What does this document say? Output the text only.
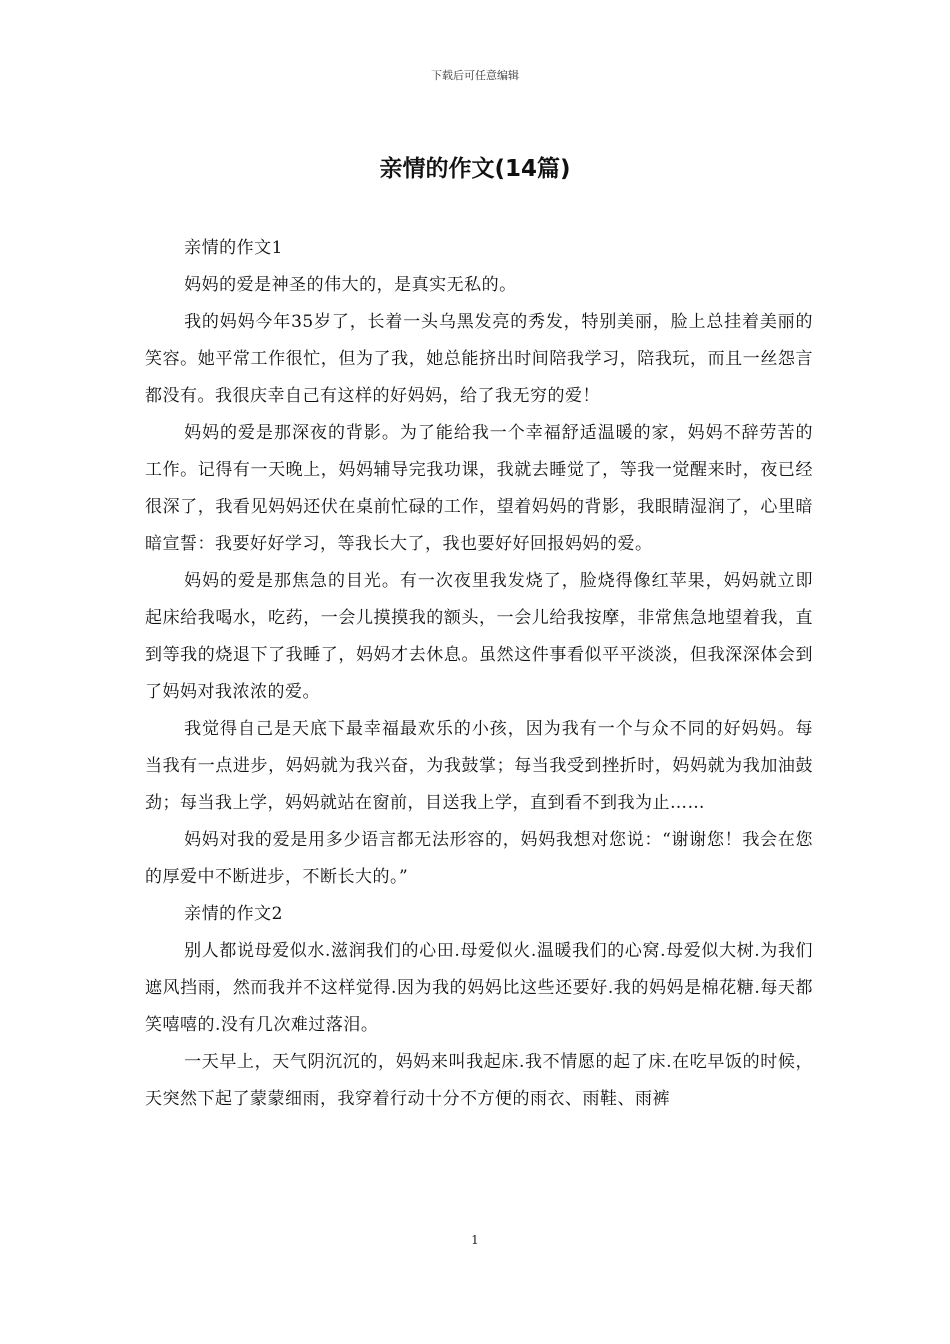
下载后可任意编辑
亲情的作文(14篇)

亲情的作文1

妈妈的爱是神圣的伟大的，是真实无私的。

我的妈妈今年35岁了，长着一头乌黑发亮的秀发，特别美丽，脸上总挂着美丽的笑容。她平常工作很忙，但为了我，她总能挤出时间陪我学习，陪我玩，而且一丝怨言都没有。我很庆幸自己有这样的好妈妈，给了我无穷的爱！

妈妈的爱是那深夜的背影。为了能给我一个幸福舒适温暖的家，妈妈不辞劳苦的工作。记得有一天晚上，妈妈辅导完我功课，我就去睡觉了，等我一觉醒来时，夜已经很深了，我看见妈妈还伏在桌前忙碌的工作，望着妈妈的背影，我眼睛湿润了，心里暗暗宣誓：我要好好学习，等我长大了，我也要好好回报妈妈的爱。

妈妈的爱是那焦急的目光。有一次夜里我发烧了，脸烧得像红苹果，妈妈就立即起床给我喝水，吃药，一会儿摸摸我的额头，一会儿给我按摩，非常焦急地望着我，直到等我的烧退下了我睡了，妈妈才去休息。虽然这件事看似平平淡淡，但我深深体会到了妈妈对我浓浓的爱。

我觉得自己是天底下最幸福最欢乐的小孩，因为我有一个与众不同的好妈妈。每当我有一点进步，妈妈就为我兴奋，为我鼓掌；每当我受到挫折时，妈妈就为我加油鼓劲；每当我上学，妈妈就站在窗前，目送我上学，直到看不到我为止……

妈妈对我的爱是用多少语言都无法形容的，妈妈我想对您说：“谢谢您！我会在您的厚爱中不断进步，不断长大的。”

亲情的作文2

别人都说母爱似水.滋润我们的心田.母爱似火.温暖我们的心窝.母爱似大树.为我们遮风挡雨，然而我并不这样觉得.因为我的妈妈比这些还要好.我的妈妈是棉花糖.每天都笑嘻嘻的.没有几次难过落泪。

一天早上，天气阴沉沉的，妈妈来叫我起床.我不情愿的起了床.在吃早饭的时候，天突然下起了蒙蒙细雨，我穿着行动十分不方便的雨衣、雨鞋、雨裤

1
